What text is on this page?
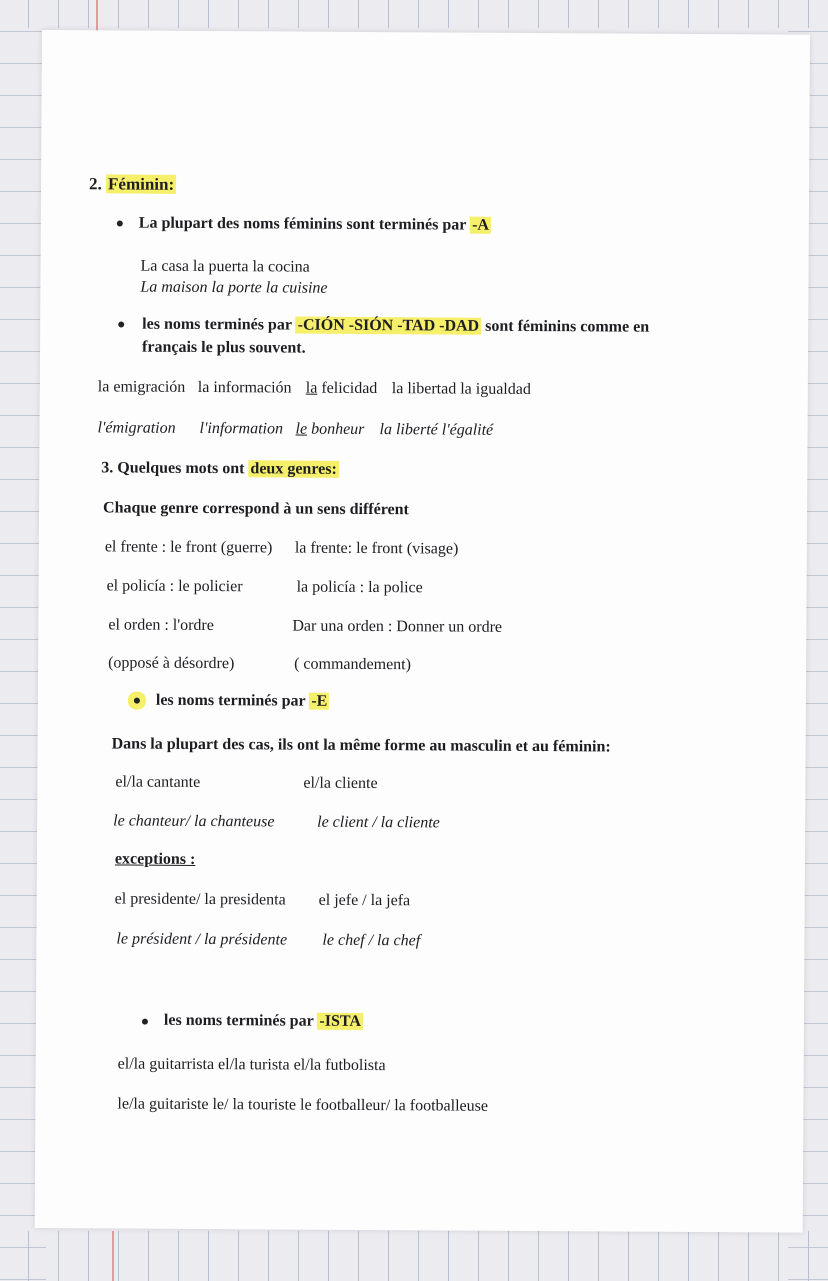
2. Féminin:
La plupart des noms féminins sont terminés par -A
La casa la puerta la cocina
La maison la porte la cuisine
les noms terminés par -CIÓN -SIÓN -TAD -DAD sont féminins comme en
français le plus souvent.
la emigración la información la felicidad la libertad la igualdad
l'émigration l'information le bonheur la liberté l'égalité
3. Quelques mots ont deux genres:
Chaque genre correspond à un sens différent
el frente : le front (guerre) la frente: le front (visage)
el policía : le policier	la policía : la police
el orden : l'ordre	Dar una orden : Donner un ordre
(opposé à désordre)	( commandement)
les noms terminés par -E
Dans la plupart des cas, ils ont la même forme au masculin et au féminin:
el/la cantante	el/la cliente
le chanteur/ la chanteuse	le client / la cliente
exceptions :
el presidente/ la presidenta el jefe / la jefa
le président / la présidente le chef / la chef
les noms terminés par -ISTA
el/la guitarrista el/la turista el/la futbolista
le/la guitariste le/ la touriste le footballeur/ la footballeuse
